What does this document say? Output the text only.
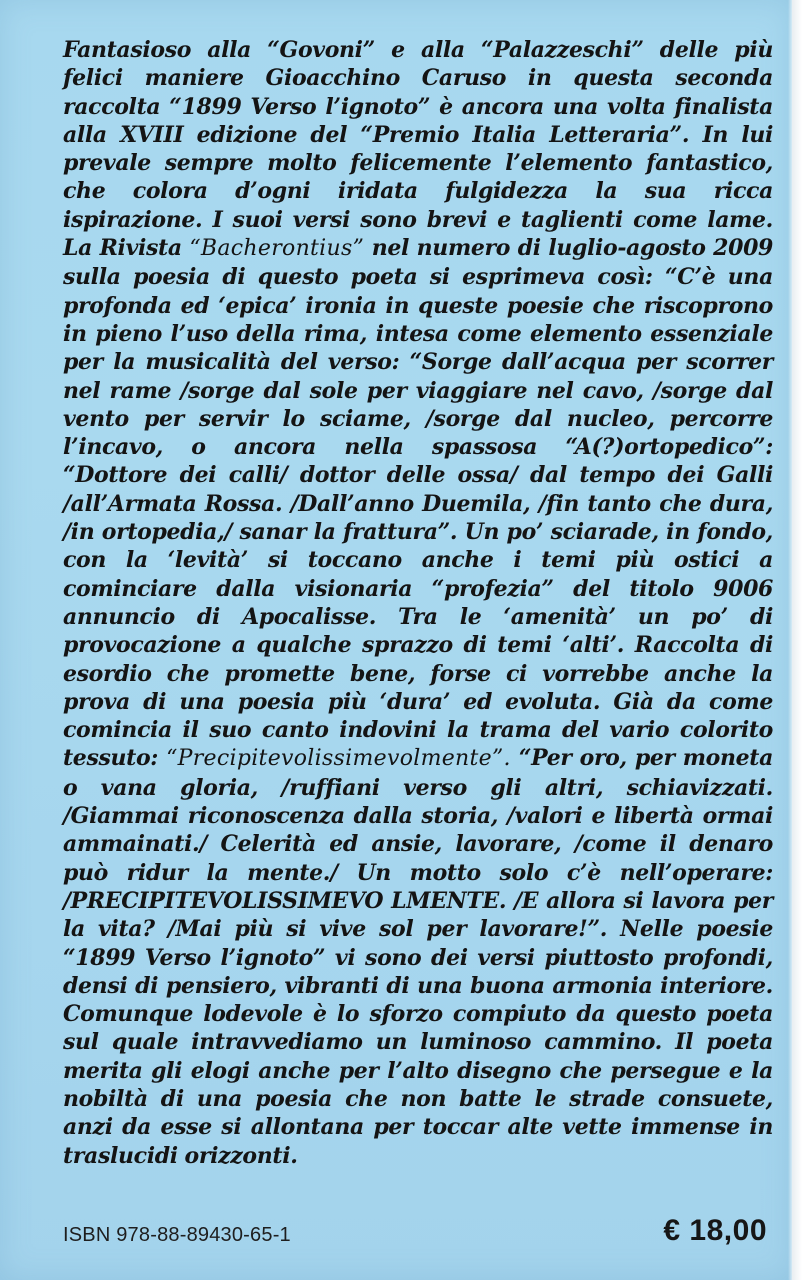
Fantasioso alla “Govoni” e alla “Palazzeschi” delle più felici maniere Gioacchino Caruso in questa seconda raccolta “1899 Verso l’ignoto” è ancora una volta finalista alla XVIII edizione del “Premio Italia Letteraria”. In lui prevale sempre molto felicemente l’elemento fantastico, che colora d’ogni iridata fulgidezza la sua ricca ispirazione. I suoi versi sono brevi e taglienti come lame. La Rivista “Bacherontius” nel numero di luglio-agosto 2009 sulla poesia di questo poeta si esprimeva così: “C’è una profonda ed ‘epica’ ironia in queste poesie che riscoprono in pieno l’uso della rima, intesa come elemento essenziale per la musicalità del verso: “Sorge dall’acqua per scorrer nel rame /sorge dal sole per viaggiare nel cavo, /sorge dal vento per servir lo sciame, /sorge dal nucleo, percorre l’incavo, o ancora nella spassosa “A(?)ortopedico”: “Dottore dei calli/ dottor delle ossa/ dal tempo dei Galli /all’Armata Rossa. /Dall’anno Duemila, /fin tanto che dura, /in ortopedia,/ sanar la frattura”. Un po’ sciarade, in fondo, con la ‘levità’ si toccano anche i temi più ostici a cominciare dalla visionaria “profezia” del titolo 9006 annuncio di Apocalisse. Tra le ‘amenità’ un po’ di provocazione a qualche sprazzo di temi ‘alti’. Raccolta di esordio che promette bene, forse ci vorrebbe anche la prova di una poesia più ‘dura’ ed evoluta. Già da come comincia il suo canto indovini la trama del vario colorito tessuto: “Precipitevolissimevolmente”. “Per oro, per moneta o vana gloria, /ruffiani verso gli altri, schiavizzati. /Giammai riconoscenza dalla storia, /valori e libertà ormai ammainati./ Celerità ed ansie, lavorare, /come il denaro può ridur la mente./ Un motto solo c’è nell’operare: /PRECIPITEVOLISSIMEVO LMENTE. /E allora si lavora per la vita? /Mai più si vive sol per lavorare!”. Nelle poesie “1899 Verso l’ignoto” vi sono dei versi piuttosto profondi, densi di pensiero, vibranti di una buona armonia interiore. Comunque lodevole è lo sforzo compiuto da questo poeta sul quale intravvediamo un luminoso cammino. Il poeta merita gli elogi anche per l’alto disegno che persegue e la nobiltà di una poesia che non batte le strade consuete, anzi da esse si allontana per toccar alte vette immense in traslucidi orizzonti.

ISBN 978-88-89430-65-1	€ 18,00
